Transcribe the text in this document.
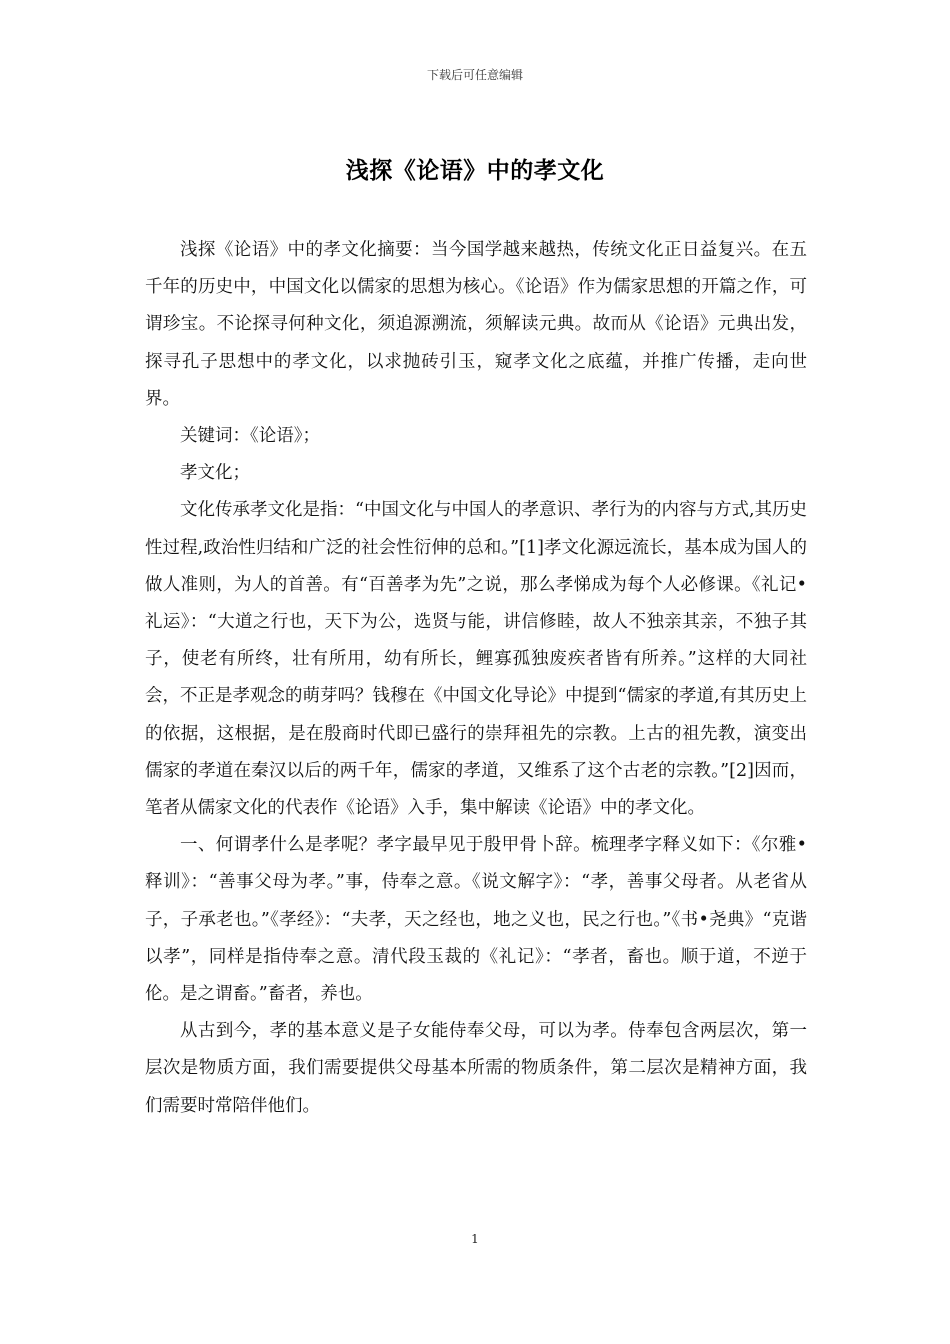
下载后可任意编辑
浅探《论语》中的孝文化

浅探《论语》中的孝文化摘要：当今国学越来越热，传统文化正日益复兴。在五千年的历史中，中国文化以儒家的思想为核心。《论语》作为儒家思想的开篇之作，可谓珍宝。不论探寻何种文化，须追源溯流，须解读元典。故而从《论语》元典出发，探寻孔子思想中的孝文化，以求抛砖引玉，窥孝文化之底蕴，并推广传播，走向世界。

关键词：《论语》；

孝文化；

文化传承孝文化是指：“中国文化与中国人的孝意识、孝行为的内容与方式,其历史性过程,政治性归结和广泛的社会性衍伸的总和。”[1]孝文化源远流长，基本成为国人的做人准则，为人的首善。有“百善孝为先”之说，那么孝悌成为每个人必修课。《礼记•礼运》：“大道之行也，天下为公，选贤与能，讲信修睦，故人不独亲其亲，不独子其子，使老有所终，壮有所用，幼有所长，鲤寡孤独废疾者皆有所养。”这样的大同社会，不正是孝观念的萌芽吗？钱穆在《中国文化导论》中提到“儒家的孝道,有其历史上的依据，这根据，是在殷商时代即已盛行的崇拜祖先的宗教。上古的祖先教，演变出儒家的孝道在秦汉以后的两千年，儒家的孝道，又维系了这个古老的宗教。”[2]因而，笔者从儒家文化的代表作《论语》入手，集中解读《论语》中的孝文化。

一、何谓孝什么是孝呢？孝字最早见于殷甲骨卜辞。梳理孝字释义如下：《尔雅•释训》：“善事父母为孝。”事，侍奉之意。《说文解字》：“孝，善事父母者。从老省从子，子承老也。”《孝经》：“夫孝，天之经也，地之义也，民之行也。”《书•尧典》“克谐以孝”，同样是指侍奉之意。清代段玉裁的《礼记》：“孝者，畜也。顺于道，不逆于伦。是之谓畜。”畜者，养也。

从古到今，孝的基本意义是子女能侍奉父母，可以为孝。侍奉包含两层次，第一层次是物质方面，我们需要提供父母基本所需的物质条件，第二层次是精神方面，我们需要时常陪伴他们。

1
